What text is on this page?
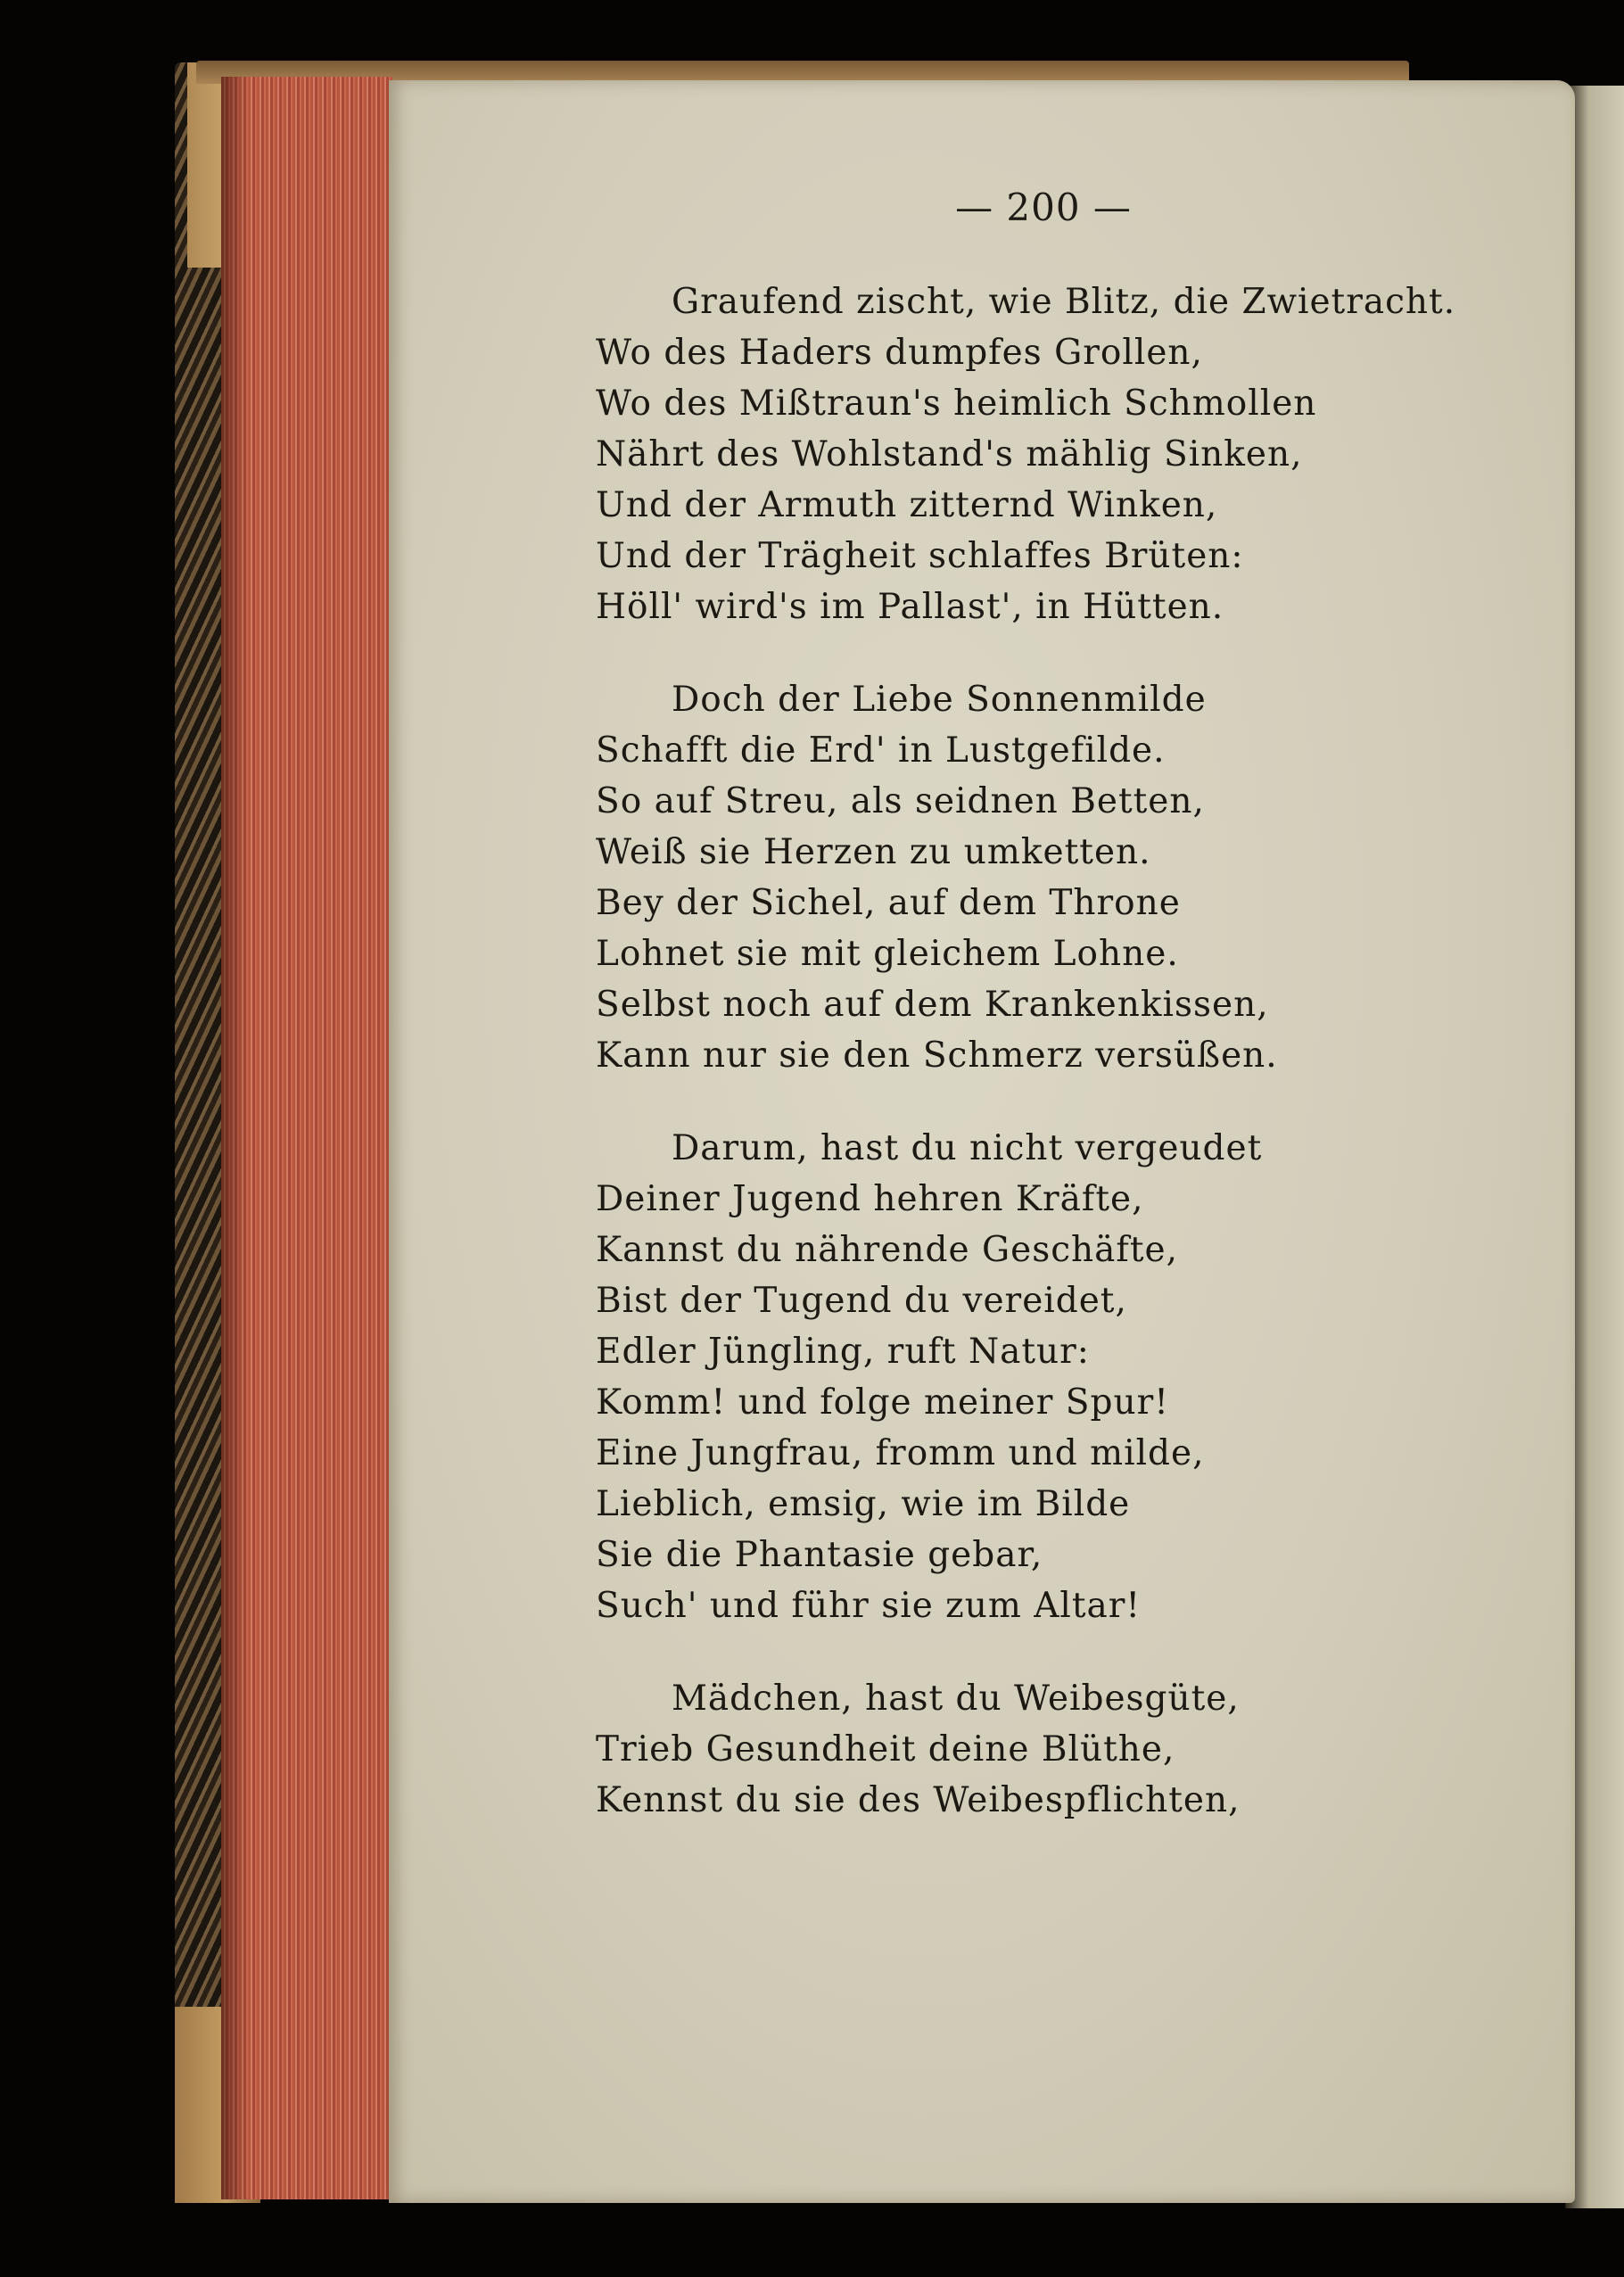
— 200 —
Graufend zischt, wie Blitz, die Zwietracht.
Wo des Haders dumpfes Grollen,
Wo des Mißtraun's heimlich Schmollen
Nährt des Wohlstand's mählig Sinken,
Und der Armuth zitternd Winken,
Und der Trägheit schlaffes Brüten:
Höll' wird's im Pallast', in Hütten.
Doch der Liebe Sonnenmilde
Schafft die Erd' in Lustgefilde.
So auf Streu, als seidnen Betten,
Weiß sie Herzen zu umketten.
Bey der Sichel, auf dem Throne
Lohnet sie mit gleichem Lohne.
Selbst noch auf dem Krankenkissen,
Kann nur sie den Schmerz versüßen.
Darum, hast du nicht vergeudet
Deiner Jugend hehren Kräfte,
Kannst du nährende Geschäfte,
Bist der Tugend du vereidet,
Edler Jüngling, ruft Natur:
Komm! und folge meiner Spur!
Eine Jungfrau, fromm und milde,
Lieblich, emsig, wie im Bilde
Sie die Phantasie gebar,
Such' und führ sie zum Altar!
Mädchen, hast du Weibesgüte,
Trieb Gesundheit deine Blüthe,
Kennst du sie des Weibespflichten,
